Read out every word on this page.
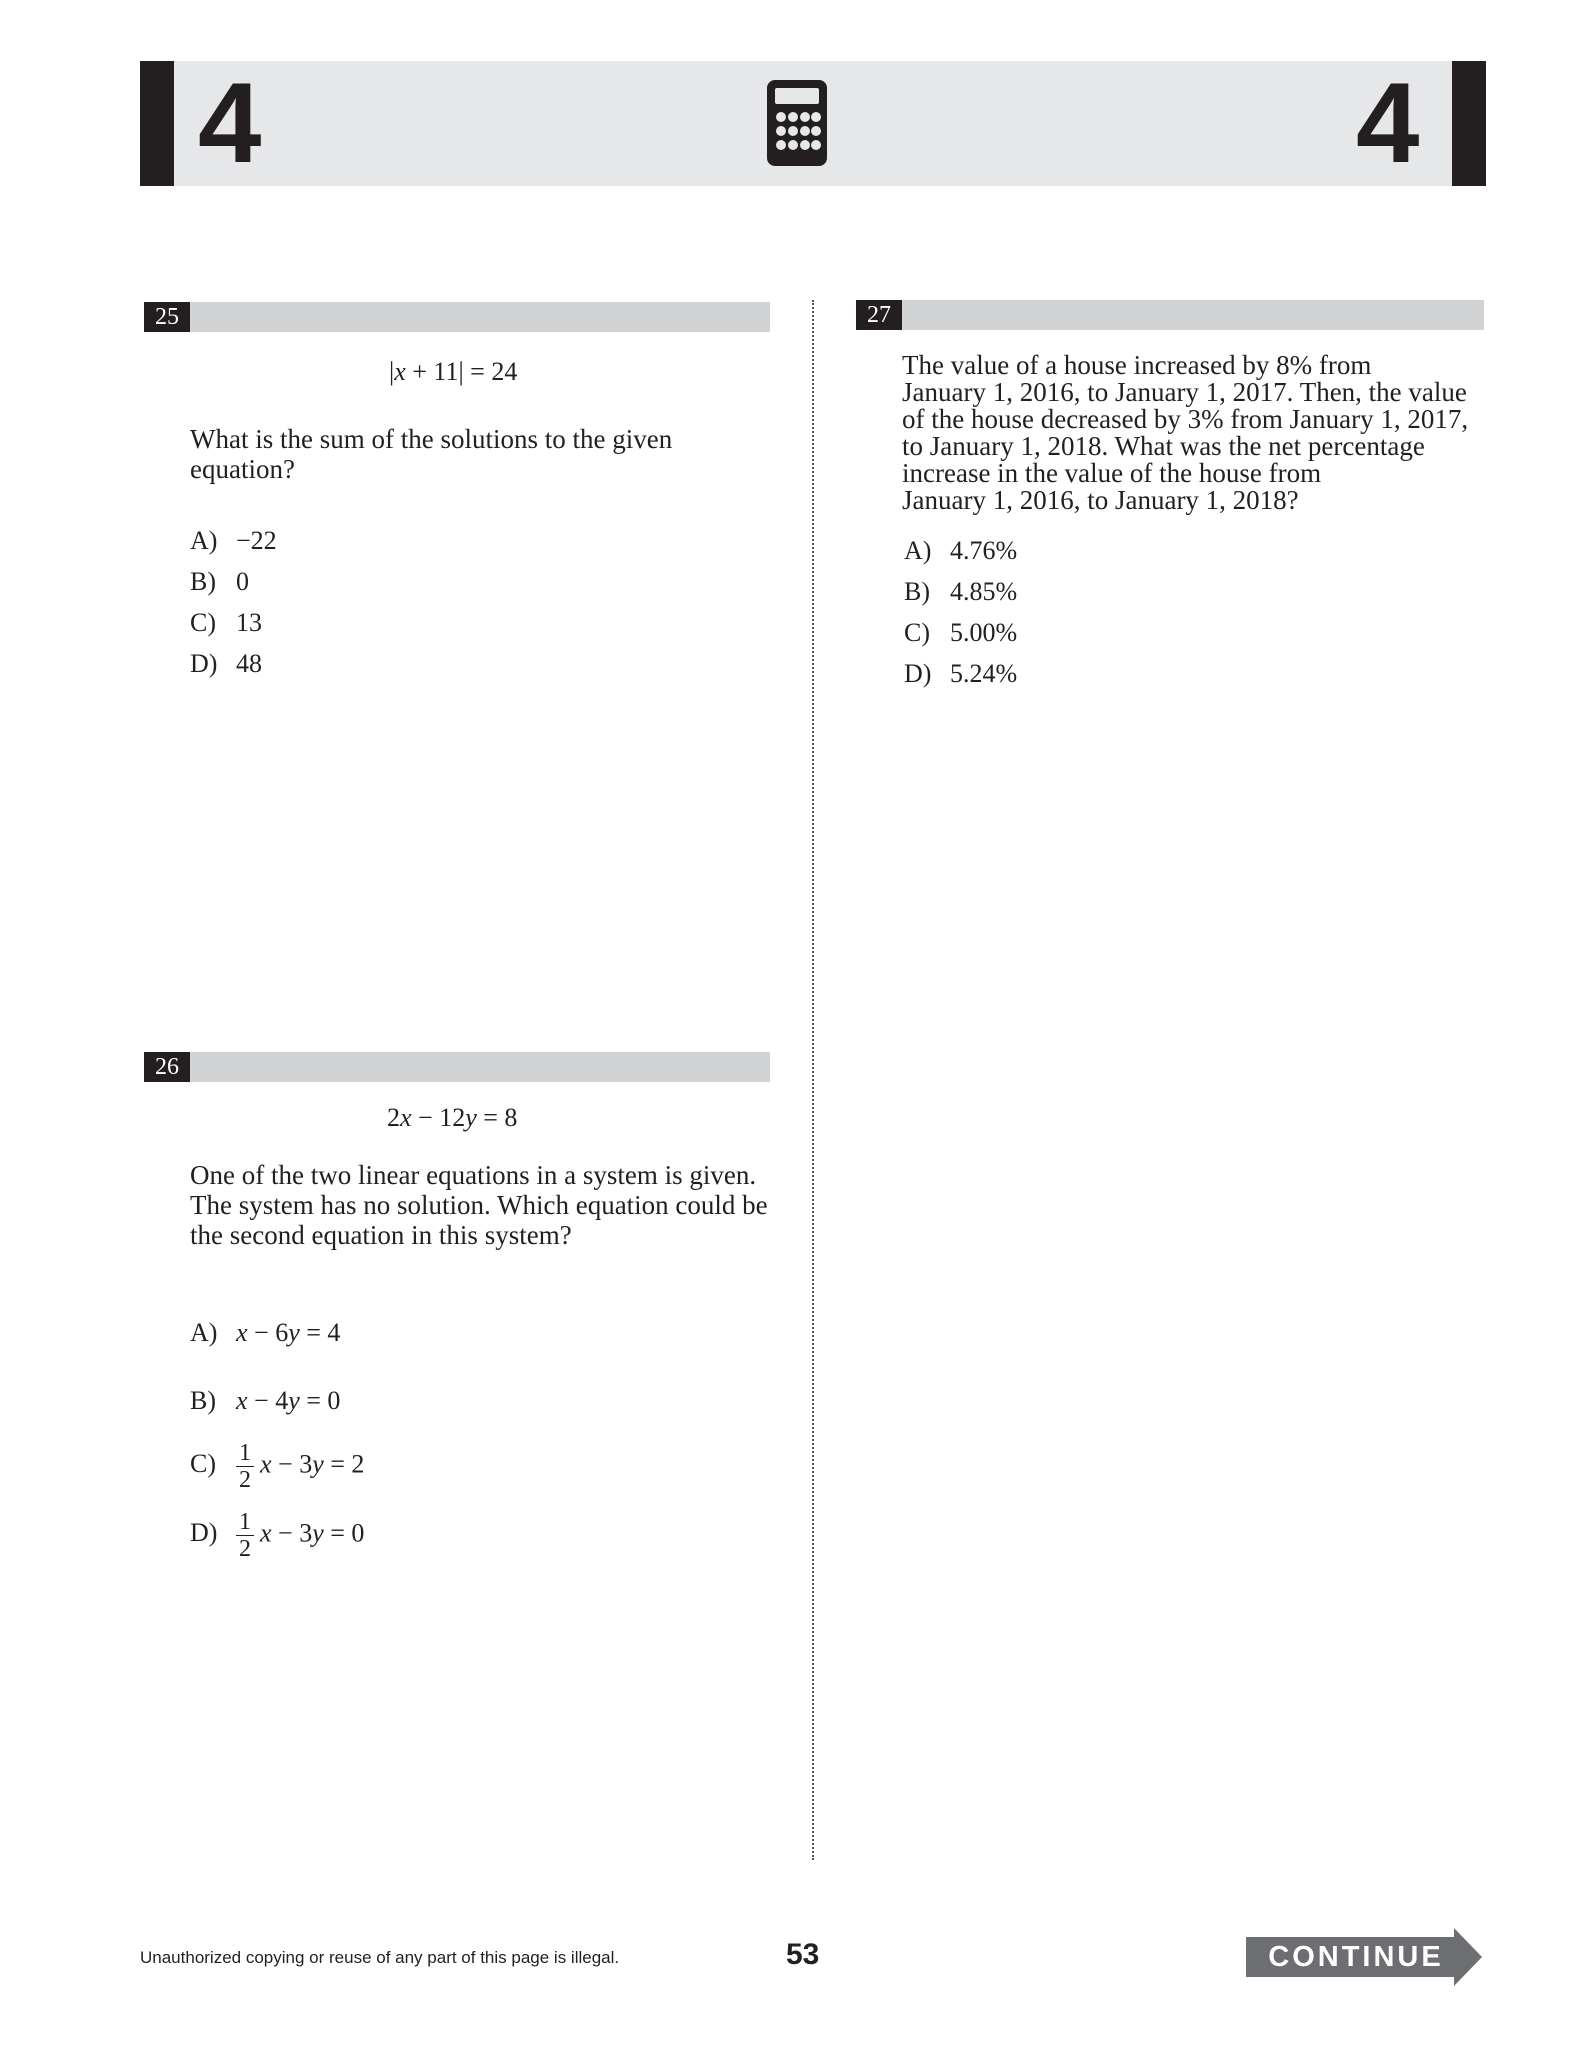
4	4
25
|x + 11| = 24
What is the sum of the solutions to the given equation?
A) −22
B) 0
C) 13
D) 48
26
2x − 12y = 8
One of the two linear equations in a system is given. The system has no solution. Which equation could be the second equation in this system?
A) x − 6y = 4
B) x − 4y = 0
$C) \frac{1}{2}$ x − 3y = 2
$D) \frac{1}{2}$ x − 3y = 0
27
The value of a house increased by 8% from
January 1, 2016, to January 1, 2017. Then, the value
of the house decreased by 3% from January 1, 2017,
to January 1, 2018. What was the net percentage
increase in the value of the house from
January 1, 2016, to January 1, 2018?
A) 4.76%
B) 4.85%
C) 5.00%
D) 5.24%
Unauthorized copying or reuse of any part of this page is illegal.	53	CONTINUE
